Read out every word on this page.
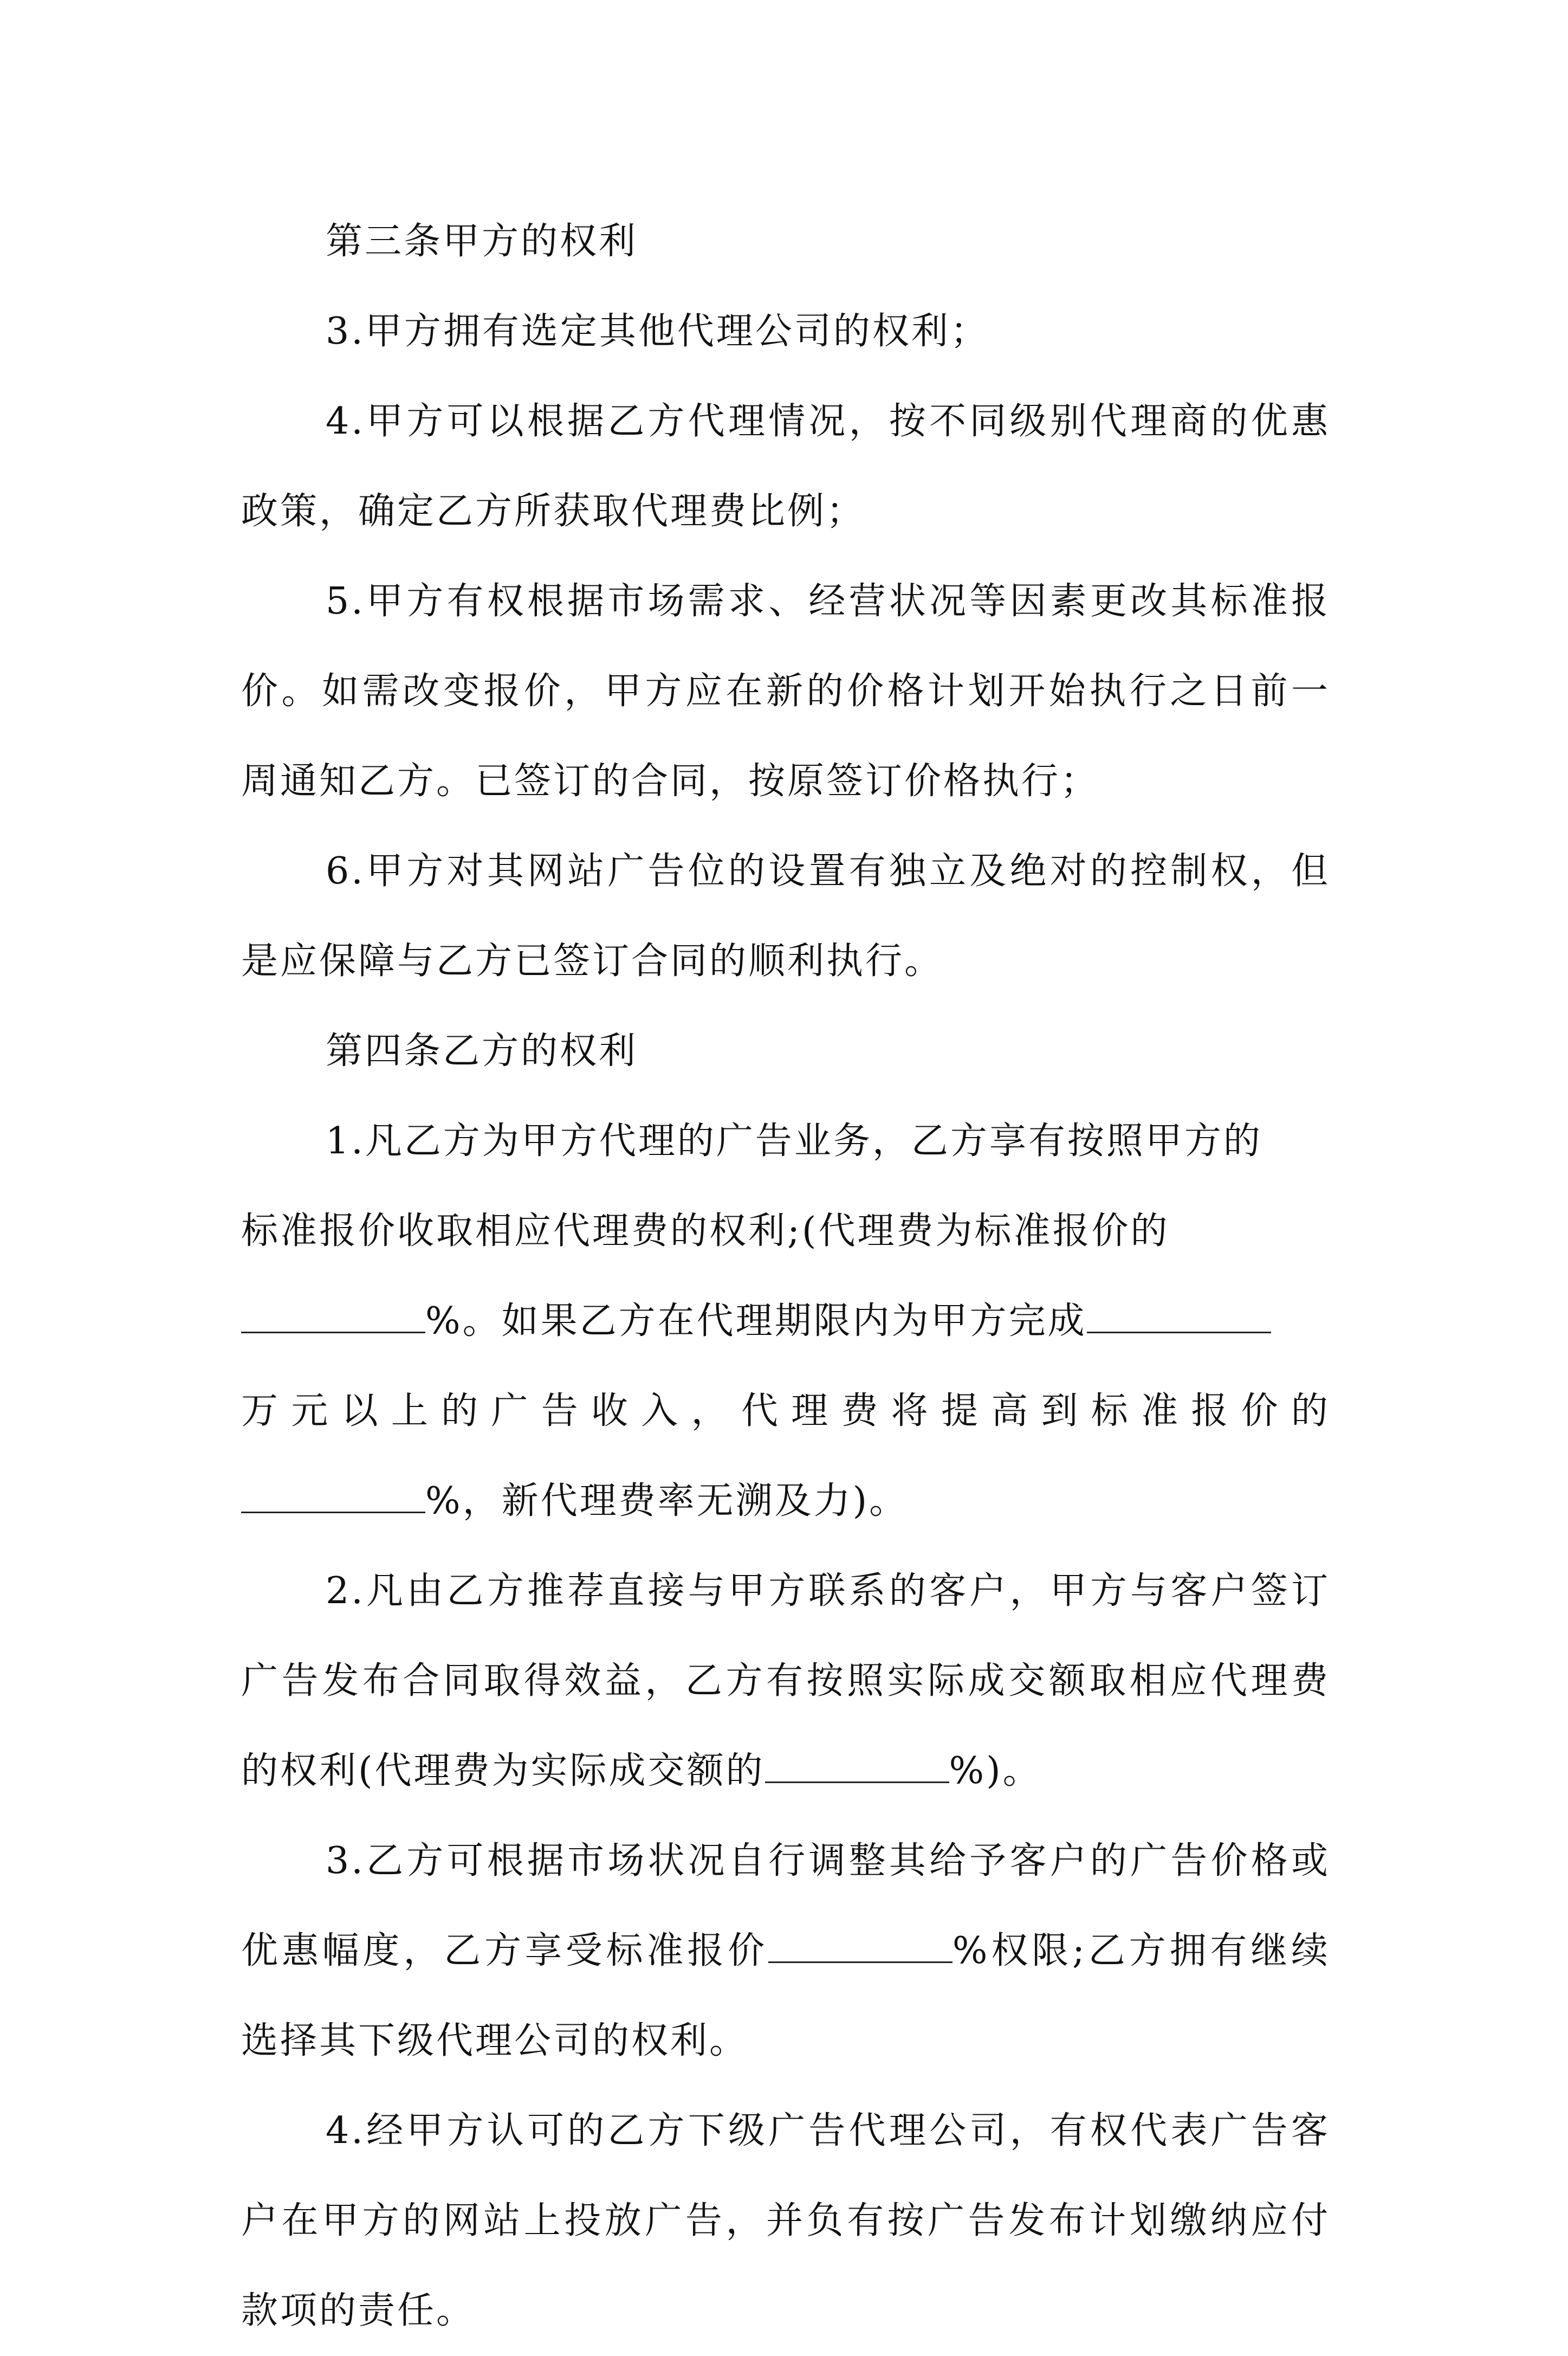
第三条甲方的权利

3.甲方拥有选定其他代理公司的权利；

4.甲方可以根据乙方代理情况，按不同级别代理商的优惠政策，确定乙方所获取代理费比例；

5.甲方有权根据市场需求、经营状况等因素更改其标准报价。如需改变报价，甲方应在新的价格计划开始执行之日前一周通知乙方。已签订的合同，按原签订价格执行；

6.甲方对其网站广告位的设置有独立及绝对的控制权，但是应保障与乙方已签订合同的顺利执行。

第四条乙方的权利

1.凡乙方为甲方代理的广告业务，乙方享有按照甲方的
标准报价收取相应代理费的权利;(代理费为标准报价的
%。如果乙方在代理期限内为甲方完成
万 元 以 上 的 广 告 收 入 ， 代 理 费 将 提 高 到 标 准 报 价 的
%，新代理费率无溯及力)。

2.凡由乙方推荐直接与甲方联系的客户，甲方与客户签订广告发布合同取得效益，乙方有按照实际成交额取相应代理费的权利(代理费为实际成交额的	%)。

3.乙方可根据市场状况自行调整其给予客户的广告价格或优惠幅度，乙方享受标准报价	%权限;乙方拥有继续选择其下级代理公司的权利。

4.经甲方认可的乙方下级广告代理公司，有权代表广告客户在甲方的网站上投放广告，并负有按广告发布计划缴纳应付款项的责任。
